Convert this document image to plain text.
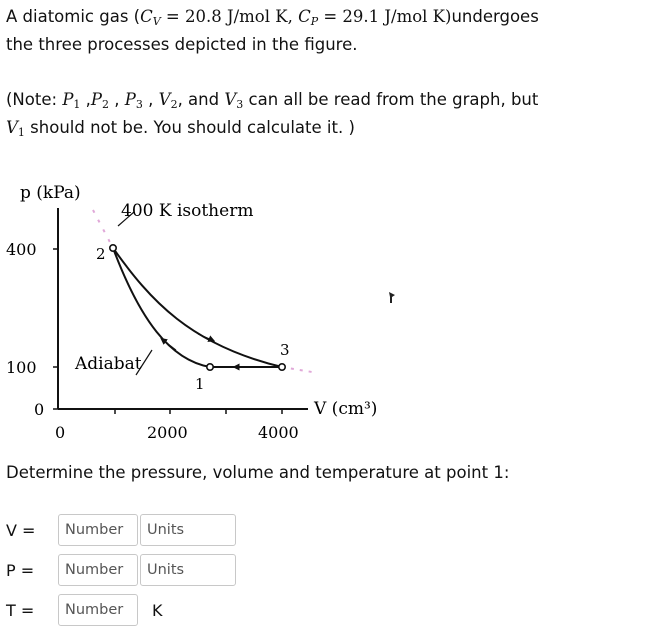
A diatomic gas ($C_V = 20.8$ J/mol K, $C_P = 29.1$ J/mol K)undergoes
the three processes depicted in the figure.
(Note: $P_1$ $,P_2$ , $P_3$ , $V_2$, and $V_3$ can all be read from the graph, but
$V_1$ should not be. You should calculate it. )
p (kPa)
400 K isotherm
400
100
0
Adiabat
1
2
3
0	2000	4000
V (cm³)
Determine the pressure, volume and temperature at point 1:
V =
Number
Units
P =
Number
Units
T =
Number	K
